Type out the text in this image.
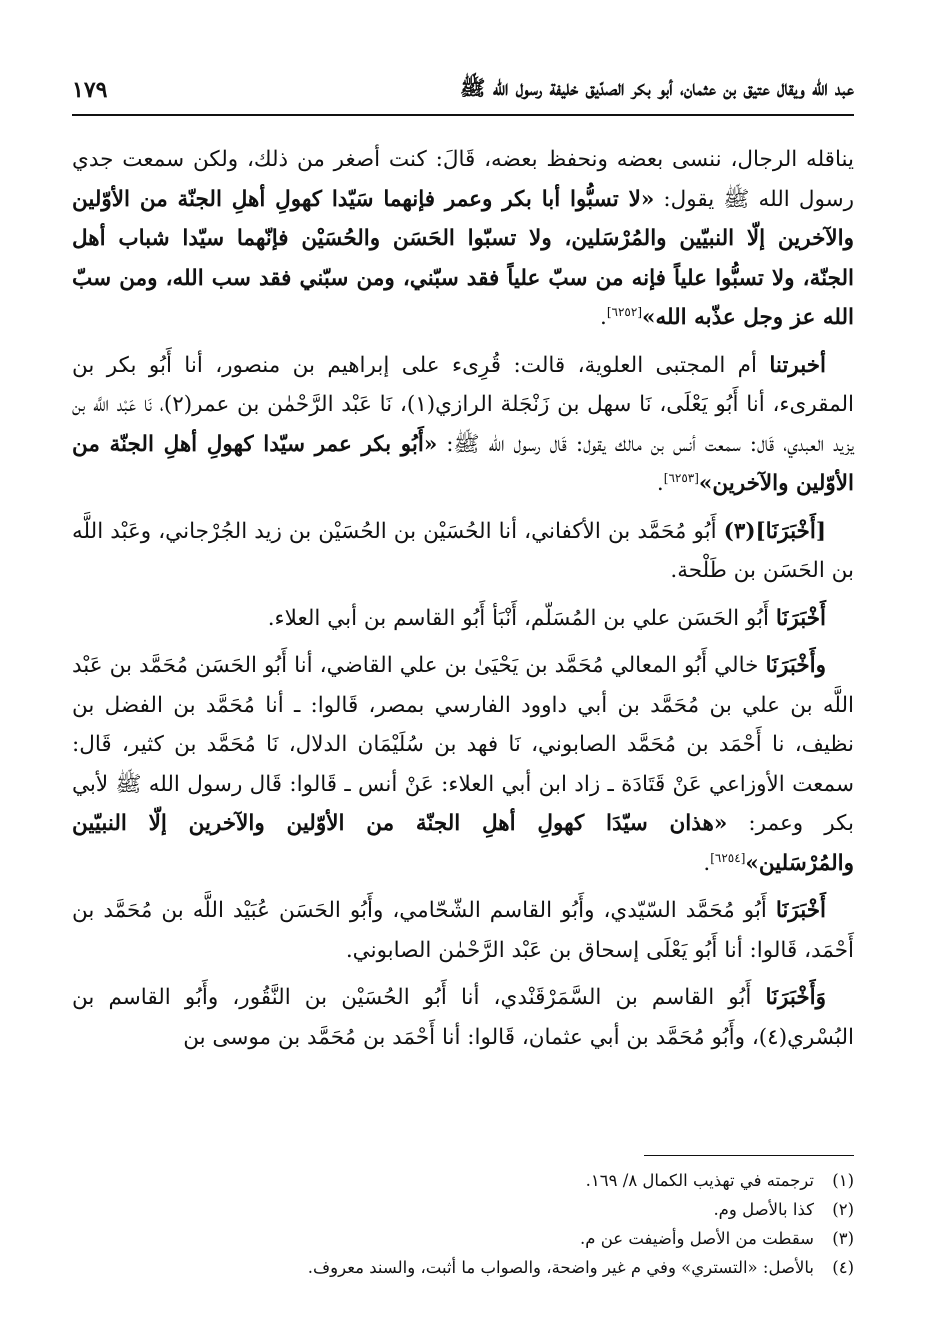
عبد الله ويقال عتيق بن عثمان، أبو بكر الصدّيق خليفة رسول الله ﷺ
١٧٩

يناقله الرجال، ننسى بعضه ونحفظ بعضه، قَالَ: كنت أصغر من ذلك، ولكن سمعت جدي رسول الله ﷺ يقول: «لا تسبُّوا أبا بكر وعمر فإنهما سَيّدا كهولِ أهلِ الجنّة من الأوّلين والآخرين إلّا النبيّين والمُرْسَلين، ولا تسبّوا الحَسَن والحُسَيْن فإنّهما سيّدا شباب أهل الجنّة، ولا تسبُّوا علياً فإنه من سبّ علياً فقد سبّني، ومن سبّني فقد سب الله، ومن سبّ الله عز وجل عذّبه الله»[٦٢٥٢].

أخبرتنا أم المجتبى العلوية، قالت: قُرِىء على إبراهيم بن منصور، أنا أَبُو بكر بن المقرىء، أنا أَبُو يَعْلَى، نَا سهل بن زَنْجَلة الرازي(١)، نَا عَبْد الرَّحْمٰن بن عمر(٢)، نَا عَبْد اللَّه بن يزيد العبدي، قَال: سمعت أنس بن مالك يقول: قَال رسول الله ﷺ: «أَبُو بكر عمر سيّدا كهولِ أهلِ الجنّة من الأوّلين والآخرين»[٦٢٥٣].

[أَخْبَرَنَا](٣) أَبُو مُحَمَّد بن الأكفاني، أنا الحُسَيْن بن الحُسَيْن بن زيد الجُرْجاني، وعَبْد اللَّه بن الحَسَن بن طَلْحة.

أَخْبَرَنَا أَبُو الحَسَن علي بن المُسَلّم، أَنْبَأ أَبُو القاسم بن أبي العلاء.

وأَخْبَرَنَا خالي أَبُو المعالي مُحَمَّد بن يَحْيَىٰ بن علي القاضي، أنا أَبُو الحَسَن مُحَمَّد بن عَبْد اللَّه بن علي بن مُحَمَّد بن أبي داوود الفارسي بمصر، قَالوا: ـ أنا مُحَمَّد بن الفضل بن نظيف، نا أَحْمَد بن مُحَمَّد الصابوني، نَا فهد بن سُلَيْمَان الدلال، نَا مُحَمَّد بن كثير، قَال: سمعت الأوزاعي عَنْ قَتَادَة ـ زاد ابن أبي العلاء: عَنْ أنس ـ قَالوا: قَال رسول الله ﷺ لأبي بكر وعمر: «هذان سيّدَا كهولِ أهلِ الجنّة من الأوّلين والآخرين إلّا النبيّين والمُرْسَلين»[٦٢٥٤].

أَخْبَرَنَا أَبُو مُحَمَّد السّيّدي، وأَبُو القاسم الشّحّامي، وأَبُو الحَسَن عُبَيْد اللَّه بن مُحَمَّد بن أَحْمَد، قَالوا: أنا أَبُو يَعْلَى إسحاق بن عَبْد الرَّحْمٰن الصابوني.

وَأَخْبَرَنَا أَبُو القاسم بن السَّمَرْقَنْدي، أنا أَبُو الحُسَيْن بن النَّقُور، وأَبُو القاسم بن البُسْري(٤)، وأَبُو مُحَمَّد بن أبي عثمان، قَالوا: أنا أَحْمَد بن مُحَمَّد بن موسى بن

(١)
ترجمته في تهذيب الكمال ٨/ ١٦٩.
(٢)
كذا بالأصل وم.
(٣)
سقطت من الأصل وأضيفت عن م.
(٤)
بالأصل: «التستري» وفي م غير واضحة، والصواب ما أثبت، والسند معروف.
